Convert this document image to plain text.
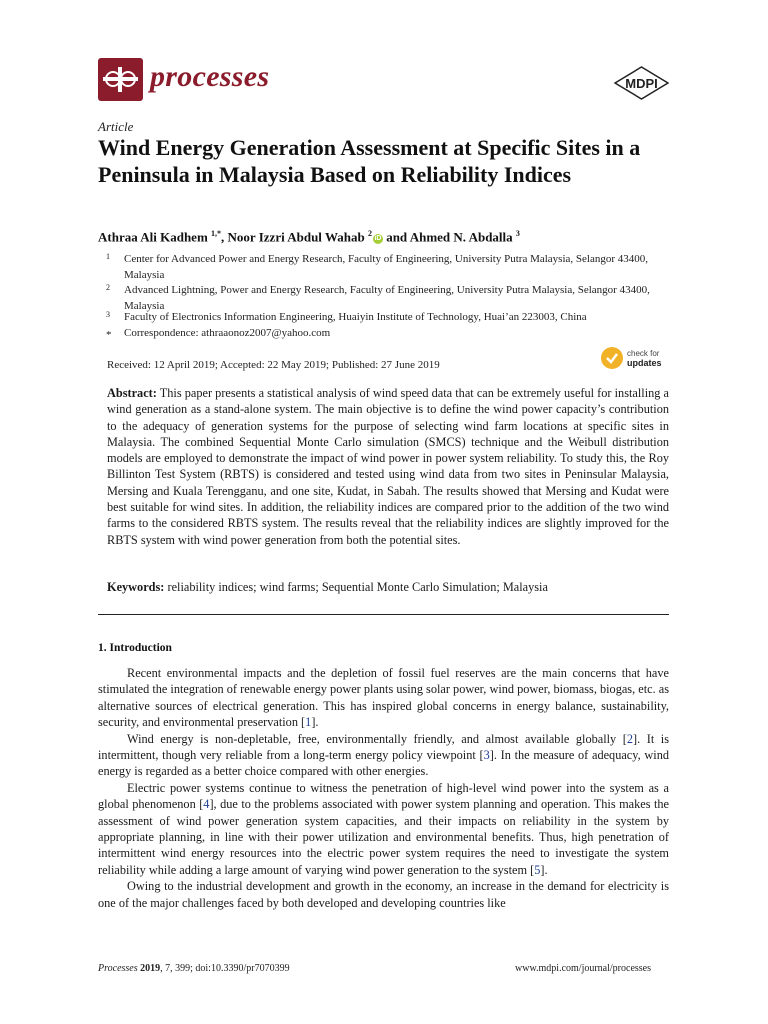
processes	MDPI
Article
Wind Energy Generation Assessment at Specific Sites in a Peninsula in Malaysia Based on Reliability Indices
Athraa Ali Kadhem $^{1,*}$, Noor Izzri Abdul Wahab $^2$iD and Ahmed N. Abdalla $^3$
1 Center for Advanced Power and Energy Research, Faculty of Engineering, University Putra Malaysia, Selangor 43400, Malaysia
2 Advanced Lightning, Power and Energy Research, Faculty of Engineering, University Putra Malaysia, Selangor 43400, Malaysia
3 Faculty of Electronics Information Engineering, Huaiyin Institute of Technology, Huai’an 223003, China
* Correspondence: athraaonoz2007@yahoo.com
Received: 12 April 2019; Accepted: 22 May 2019; Published: 27 June 2019
check for
updates
Abstract: This paper presents a statistical analysis of wind speed data that can be extremely useful for installing a wind generation as a stand-alone system. The main objective is to define the wind power capacity’s contribution to the adequacy of generation systems for the purpose of selecting wind farm locations at specific sites in Malaysia. The combined Sequential Monte Carlo simulation (SMCS) technique and the Weibull distribution models are employed to demonstrate the impact of wind power in power system reliability. To study this, the Roy Billinton Test System (RBTS) is considered and tested using wind data from two sites in Peninsular Malaysia, Mersing and Kuala Terengganu, and one site, Kudat, in Sabah. The results showed that Mersing and Kudat were best suitable for wind sites. In addition, the reliability indices are compared prior to the addition of the two wind farms to the considered RBTS system. The results reveal that the reliability indices are slightly improved for the RBTS system with wind power generation from both the potential sites.
Keywords: reliability indices; wind farms; Sequential Monte Carlo Simulation; Malaysia
1. Introduction

Recent environmental impacts and the depletion of fossil fuel reserves are the main concerns that have stimulated the integration of renewable energy power plants using solar power, wind power, biomass, biogas, etc. as alternative sources of electrical generation. This has inspired global concerns in energy balance, sustainability, security, and environmental preservation [1].

Wind energy is non-depletable, free, environmentally friendly, and almost available globally [2]. It is intermittent, though very reliable from a long-term energy policy viewpoint [3]. In the measure of adequacy, wind energy is regarded as a better choice compared with other energies.

Electric power systems continue to witness the penetration of high-level wind power into the system as a global phenomenon [4], due to the problems associated with power system planning and operation. This makes the assessment of wind power generation system capacities, and their impacts on reliability in the system by appropriate planning, in line with their power utilization and environmental benefits. Thus, high penetration of intermittent wind energy resources into the electric power system requires the need to investigate the system reliability while adding a large amount of varying wind power generation to the system [5].

Owing to the industrial development and growth in the economy, an increase in the demand for electricity is one of the major challenges faced by both developed and developing countries like

Processes 2019, 7, 399; doi:10.3390/pr7070399	www.mdpi.com/journal/processes
